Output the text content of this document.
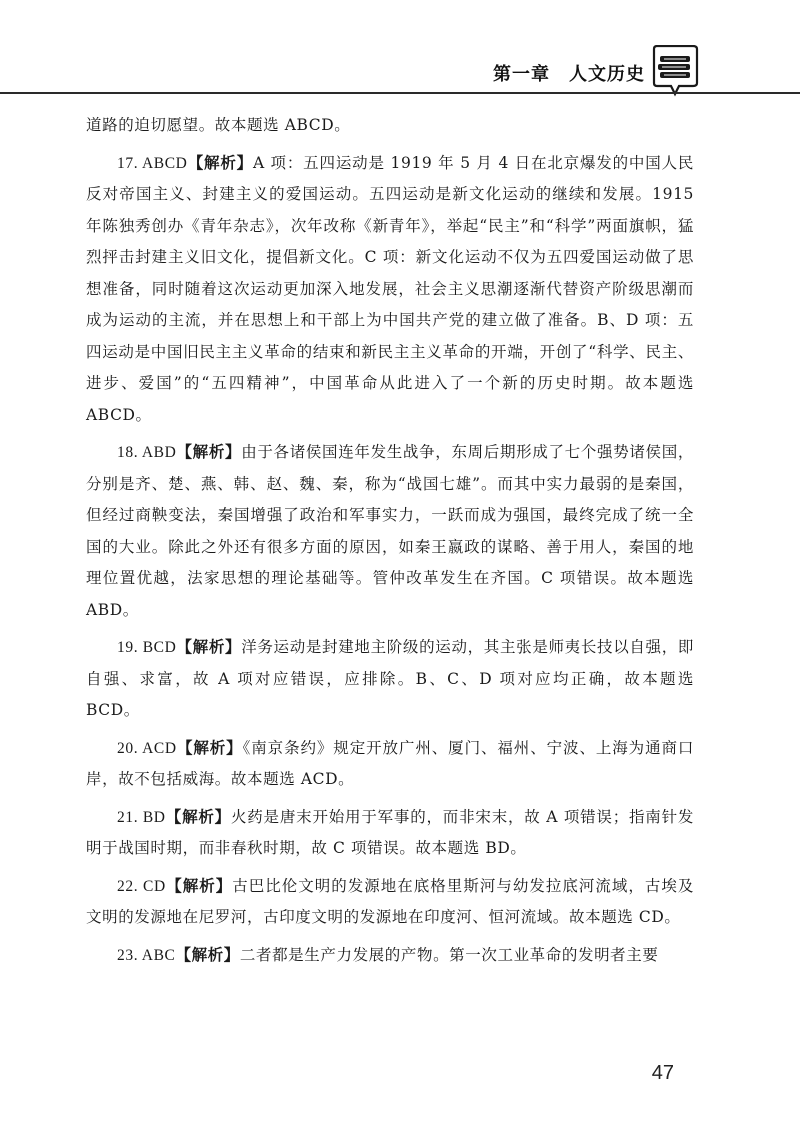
第一章　人文历史

道路的迫切愿望。故本题选 ABCD。

17. ABCD【解析】A 项：五四运动是 1919 年 5 月 4 日在北京爆发的中国人民反对帝国主义、封建主义的爱国运动。五四运动是新文化运动的继续和发展。1915 年陈独秀创办《青年杂志》，次年改称《新青年》，举起“民主”和“科学”两面旗帜，猛烈抨击封建主义旧文化，提倡新文化。C 项：新文化运动不仅为五四爱国运动做了思想准备，同时随着这次运动更加深入地发展，社会主义思潮逐渐代替资产阶级思潮而成为运动的主流，并在思想上和干部上为中国共产党的建立做了准备。B、D 项：五四运动是中国旧民主主义革命的结束和新民主主义革命的开端，开创了“科学、民主、进步、爱国”的“五四精神”，中国革命从此进入了一个新的历史时期。故本题选 ABCD。

18. ABD【解析】由于各诸侯国连年发生战争，东周后期形成了七个强势诸侯国，分别是齐、楚、燕、韩、赵、魏、秦，称为“战国七雄”。而其中实力最弱的是秦国，但经过商鞅变法，秦国增强了政治和军事实力，一跃而成为强国，最终完成了统一全国的大业。除此之外还有很多方面的原因，如秦王嬴政的谋略、善于用人，秦国的地理位置优越，法家思想的理论基础等。管仲改革发生在齐国。C 项错误。故本题选 ABD。

19. BCD【解析】洋务运动是封建地主阶级的运动，其主张是师夷长技以自强，即自强、求富，故 A 项对应错误，应排除。B、C、D 项对应均正确，故本题选 BCD。

20. ACD【解析】《南京条约》规定开放广州、厦门、福州、宁波、上海为通商口岸，故不包括威海。故本题选 ACD。

21. BD【解析】火药是唐末开始用于军事的，而非宋末，故 A 项错误；指南针发明于战国时期，而非春秋时期，故 C 项错误。故本题选 BD。

22. CD【解析】古巴比伦文明的发源地在底格里斯河与幼发拉底河流域，古埃及文明的发源地在尼罗河，古印度文明的发源地在印度河、恒河流域。故本题选 CD。

23. ABC【解析】二者都是生产力发展的产物。第一次工业革命的发明者主要

47
